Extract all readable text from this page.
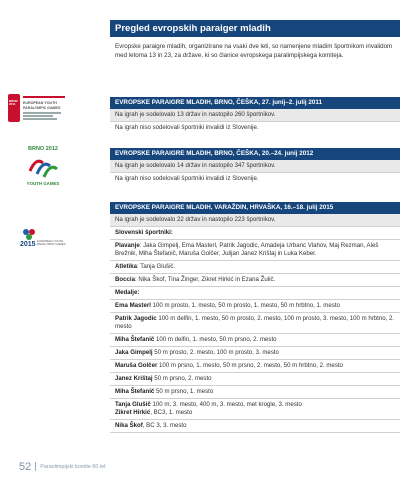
Pregled evropskih paraiger mladih
Evropske paraigre mladih, organizirane na vsaki dve leti, so namenjene mladim športnikom invalidom med letoma 13 in 23, za države, ki so članice evropskega paralimpijskega komiteja.
BRNO 2011	EUROPEAN YOUTH
PARALYMPIC GAMES
EVROPSKE PARAIGRE MLADIH, BRNO, ČEŠKA, 27. junij–2. julij 2011
Na igrah je sodelovalo 13 držav in nastopilo 260 športnikov.
Na igrah niso sodelovali športniki invalidi iz Slovenije.
BRNO 2012
YOUTH GAMES
EVROPSKE PARAIGRE MLADIH, BRNO, ČEŠKA, 20.–24. junij 2012
Na igrah je sodelovalo 14 držav in nastopilo 347 športnikov.
Na igrah niso sodelovali športniki invalidi iz Slovenije.
2015 EUROPEAN YOUTH PARALYMPIC GAMES
EVROPSKE PARAIGRE MLADIH, VARAŽDIN, HRVAŠKA, 16.–18. julij 2015
Na igrah je sodelovalo 22 držav in nastopilo 223 športnikov.
Slovenski športniki:
Plavanje: Jaka Gimpelj, Ema Masterl, Patrik Jagodic, Amadeja Urbanc Vlahov, Maj Rezman, Aleš Brežnik, Miha Štefanič, Maruša Golčer, Julijan Janez Krištaj in Luka Keber.
Atletika: Tanja Glušič.
Boccia: Nika Škof, Tina Žinger, Zikret Hirkić in Ezana Žulič.
Medalje:
Ema Masterl 100 m prosto, 1. mesto, 50 m prosto, 1. mesto, 50 m hrbtno, 1. mesto
Patrik Jagodic 100 m delfin, 1. mesto, 50 m prosto, 2. mesto, 100 m prosto, 3. mesto, 100 m hrbtno, 2. mesto
Miha Štefanič 100 m delfin, 1. mesto, 50 m prsno, 2. mesto
Jaka Gimpelj 50 m prosto, 2. mesto, 100 m prosto, 3. mesto
Maruša Golčer 100 m prsno, 1. mesto, 50 m prsno, 2. mesto, 50 m hrbtno, 2. mesto
Janez Krištaj 50 m prsno, 2. mesto
Miha Štefanič 50 m prsno, 1. mesto
Tanja Glušič 100 m, 3. mesto, 400 m, 3. mesto, met krogle, 3. mesto
Zikret Hirkić, BC3, 1. mesto
Nika Škof, BC 3, 3. mesto
52 $^{Paraolimpijski komite 60 let}$
